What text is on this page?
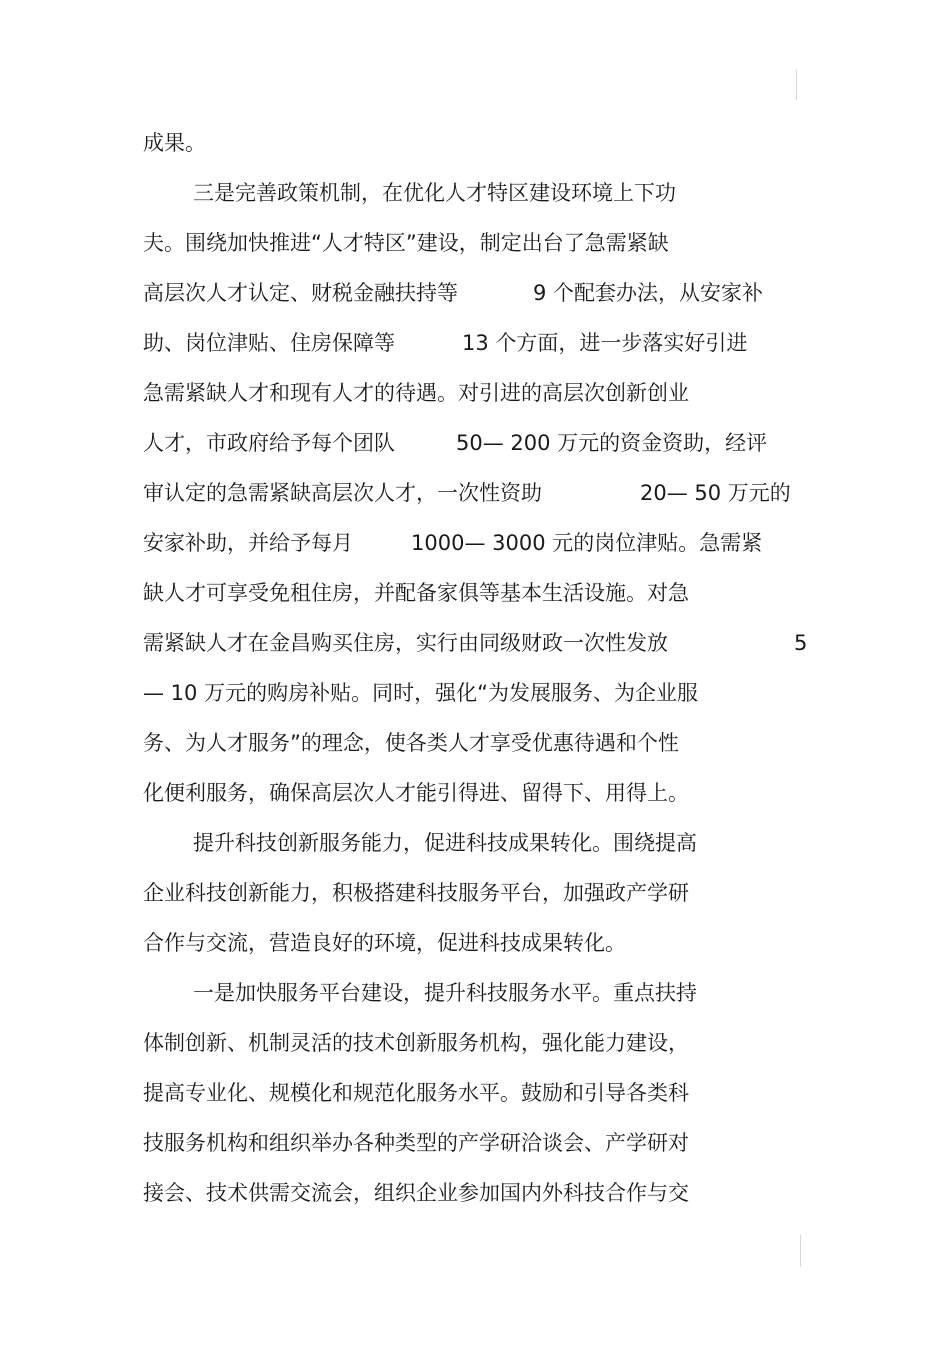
成果。
三是完善政策机制，在优化人才特区建设环境上下功
夫。围绕加快推进“人才特区”建设，制定出台了急需紧缺
高层次人才认定、财税金融扶持等	9 个配套办法，从安家补
助、岗位津贴、住房保障等	13 个方面，进一步落实好引进
急需紧缺人才和现有人才的待遇。对引进的高层次创新创业
人才，市政府给予每个团队	50— 200 万元的资金资助，经评
审认定的急需紧缺高层次人才，一次性资助	20— 50 万元的
安家补助，并给予每月	1000— 3000 元的岗位津贴。急需紧
缺人才可享受免租住房，并配备家俱等基本生活设施。对急
需紧缺人才在金昌购买住房，实行由同级财政一次性发放	5
— 10 万元的购房补贴。同时，强化“为发展服务、为企业服
务、为人才服务”的理念，使各类人才享受优惠待遇和个性
化便利服务，确保高层次人才能引得进、留得下、用得上。
提升科技创新服务能力，促进科技成果转化。围绕提高
企业科技创新能力，积极搭建科技服务平台，加强政产学研
合作与交流，营造良好的环境，促进科技成果转化。
一是加快服务平台建设，提升科技服务水平。重点扶持
体制创新、机制灵活的技术创新服务机构，强化能力建设，
提高专业化、规模化和规范化服务水平。鼓励和引导各类科
技服务机构和组织举办各种类型的产学研洽谈会、产学研对
接会、技术供需交流会，组织企业参加国内外科技合作与交
